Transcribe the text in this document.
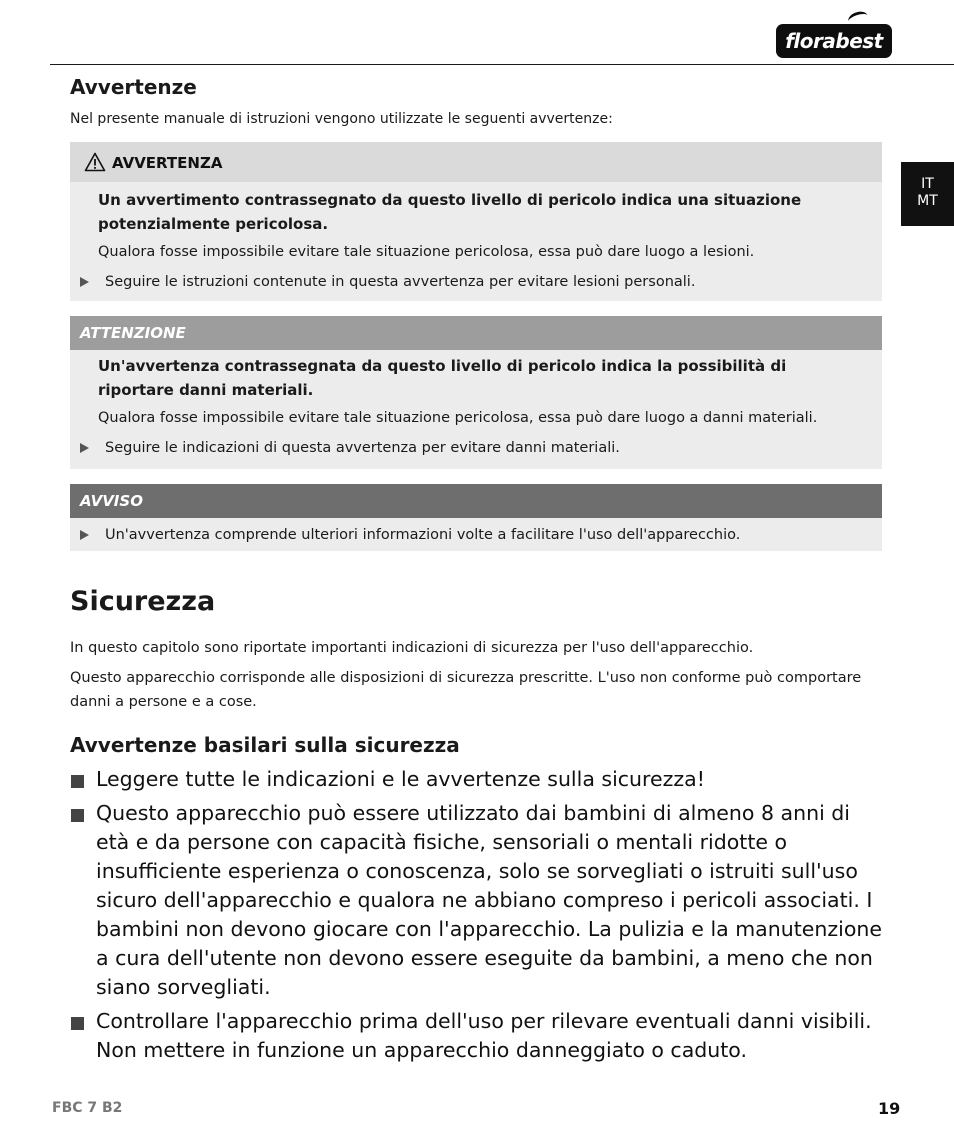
florabest
IT
MT
Avvertenze

Nel presente manuale di istruzioni vengono utilizzate le seguenti avvertenze:

AVVERTENZA

Un avvertimento contrassegnato da questo livello di pericolo indica una situazione potenzialmente pericolosa.

Qualora fosse impossibile evitare tale situazione pericolosa, essa può dare luogo a lesioni.

Seguire le istruzioni contenute in questa avvertenza per evitare lesioni personali.

ATTENZIONE

Un'avvertenza contrassegnata da questo livello di pericolo indica la possibilità di riportare danni materiali.

Qualora fosse impossibile evitare tale situazione pericolosa, essa può dare luogo a danni materiali.

Seguire le indicazioni di questa avvertenza per evitare danni materiali.

AVVISO

Un'avvertenza comprende ulteriori informazioni volte a facilitare l'uso dell'apparecchio.

Sicurezza

In questo capitolo sono riportate importanti indicazioni di sicurezza per l'uso dell'apparecchio.

Questo apparecchio corrisponde alle disposizioni di sicurezza prescritte. L'uso non conforme può comportare danni a persone e a cose.

Avvertenze basilari sulla sicurezza
Leggere tutte le indicazioni e le avvertenze sulla sicurezza!
Questo apparecchio può essere utilizzato dai bambini di almeno 8 anni di età e da persone con capacità fisiche, sensoriali o mentali ridotte o insufficiente esperienza o conoscenza, solo se sorvegliati o istruiti sull'uso sicuro dell'apparecchio e qualora ne abbiano compreso i pericoli associati. I bambini non devono giocare con l'apparecchio. La pulizia e la manutenzione a cura dell'utente non devono essere eseguite da bambini, a meno che non siano sorvegliati.
Controllare l'apparecchio prima dell'uso per rilevare eventuali danni visibili. Non mettere in funzione un apparecchio danneggiato o caduto.
FBC 7 B2	19
